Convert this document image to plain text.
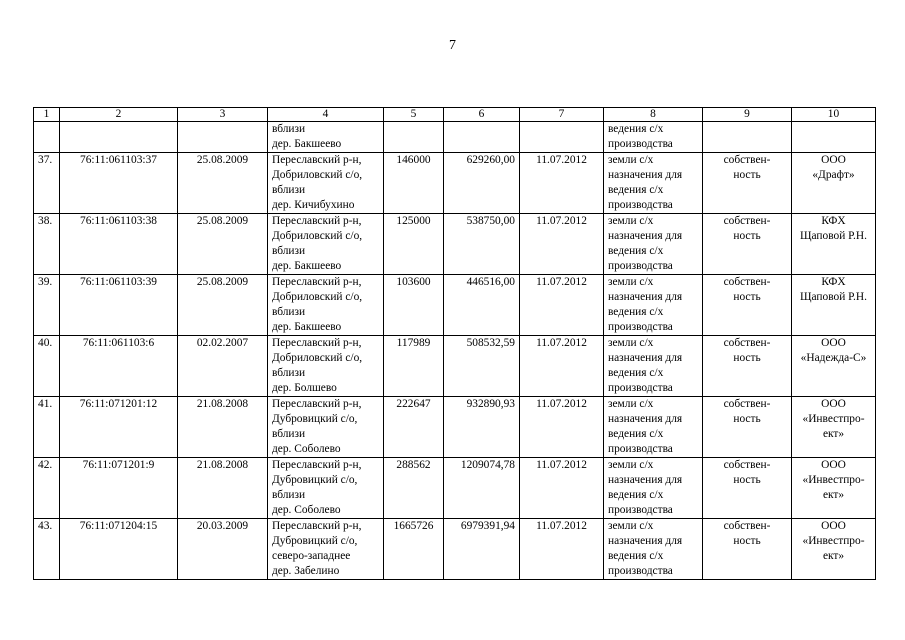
7
1	2	3	4	5	6	7	8	9	10

			вблизи
дер. Бакшеево				ведения с/х
производства		

37.	76:11:061103:37	25.08.2009	Переславский р-н,
Добриловский с/о,
вблизи
дер. Кичибухино	146000	629260,00	11.07.2012	земли с/х
назначения для
ведения с/х
производства	собствен-
ность	ООО
«Драфт»

38.	76:11:061103:38	25.08.2009	Переславский р-н,
Добриловский с/о,
вблизи
дер. Бакшеево	125000	538750,00	11.07.2012	земли с/х
назначения для
ведения с/х
производства	собствен-
ность	КФХ
Щаповой Р.Н.

39.	76:11:061103:39	25.08.2009	Переславский р-н,
Добриловский с/о,
вблизи
дер. Бакшеево	103600	446516,00	11.07.2012	земли с/х
назначения для
ведения с/х
производства	собствен-
ность	КФХ
Щаповой Р.Н.

40.	76:11:061103:6	02.02.2007	Переславский р-н,
Добриловский с/о,
вблизи
дер. Болшево	117989	508532,59	11.07.2012	земли с/х
назначения для
ведения с/х
производства	собствен-
ность	ООО
«Надежда-С»

41.	76:11:071201:12	21.08.2008	Переславский р-н,
Дубровицкий с/о,
вблизи
дер. Соболево	222647	932890,93	11.07.2012	земли с/х
назначения для
ведения с/х
производства	собствен-
ность	ООО
«Инвестпро-
ект»

42.	76:11:071201:9	21.08.2008	Переславский р-н,
Дубровицкий с/о,
вблизи
дер. Соболево	288562	1209074,78	11.07.2012	земли с/х
назначения для
ведения с/х
производства	собствен-
ность	ООО
«Инвестпро-
ект»

43.	76:11:071204:15	20.03.2009	Переславский р-н,
Дубровицкий с/о,
северо-западнее
дер. Забелино	1665726	6979391,94	11.07.2012	земли с/х
назначения для
ведения с/х
производства	собствен-
ность	ООО
«Инвестпро-
ект»
